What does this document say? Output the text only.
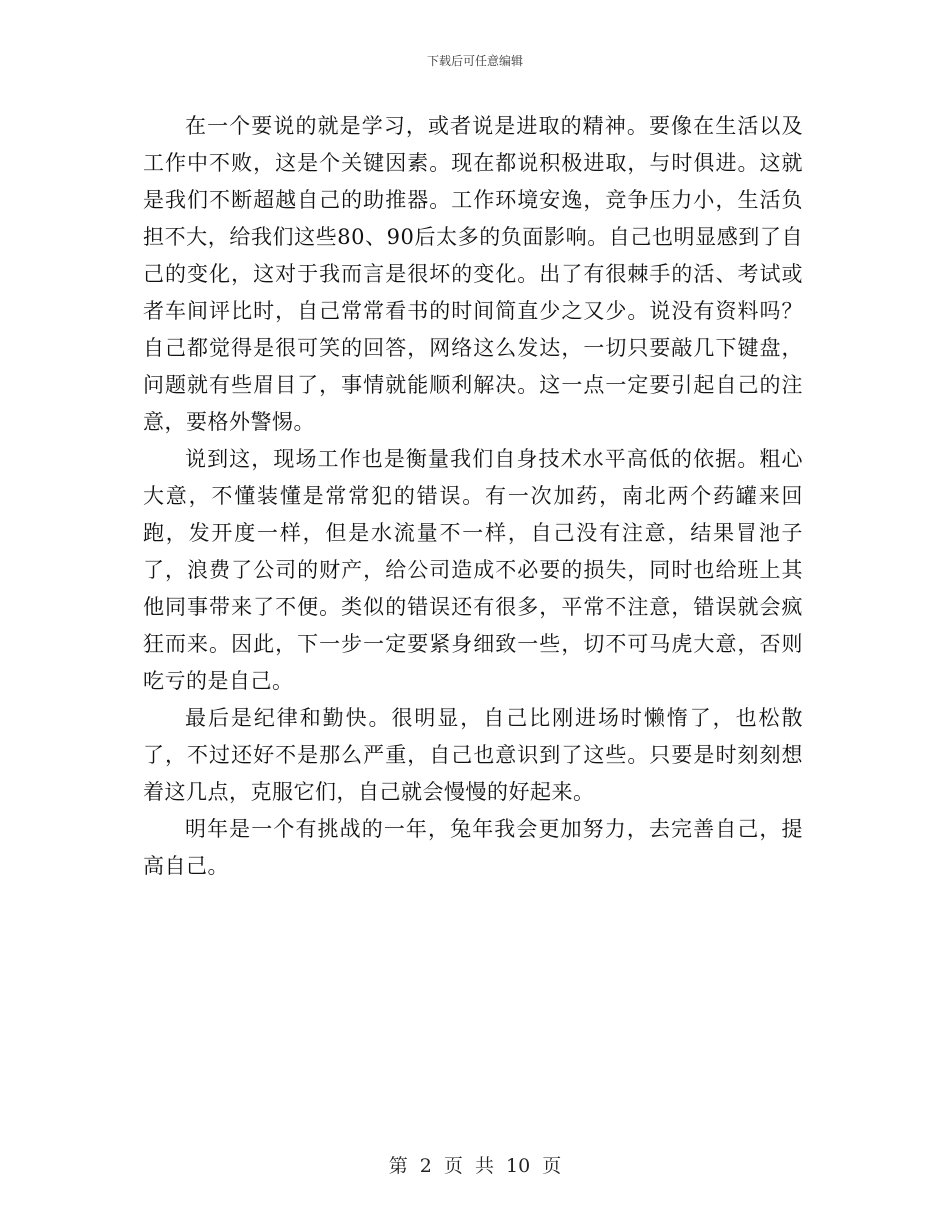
下载后可任意编辑

在一个要说的就是学习，或者说是进取的精神。要像在生活以及工作中不败，这是个关键因素。现在都说积极进取，与时俱进。这就是我们不断超越自己的助推器。工作环境安逸，竞争压力小，生活负担不大，给我们这些80、90后太多的负面影响。自己也明显感到了自己的变化，这对于我而言是很坏的变化。出了有很棘手的活、考试或者车间评比时，自己常常看书的时间简直少之又少。说没有资料吗？自己都觉得是很可笑的回答，网络这么发达，一切只要敲几下键盘，问题就有些眉目了，事情就能顺利解决。这一点一定要引起自己的注意，要格外警惕。

说到这，现场工作也是衡量我们自身技术水平高低的依据。粗心大意，不懂装懂是常常犯的错误。有一次加药，南北两个药罐来回跑，发开度一样，但是水流量不一样，自己没有注意，结果冒池子了，浪费了公司的财产，给公司造成不必要的损失，同时也给班上其他同事带来了不便。类似的错误还有很多，平常不注意，错误就会疯狂而来。因此，下一步一定要紧身细致一些，切不可马虎大意，否则吃亏的是自己。

最后是纪律和勤快。很明显，自己比刚进场时懒惰了，也松散了，不过还好不是那么严重，自己也意识到了这些。只要是时刻刻想着这几点，克服它们，自己就会慢慢的好起来。

明年是一个有挑战的一年，兔年我会更加努力，去完善自己，提高自己。

第 2 页 共 10 页
